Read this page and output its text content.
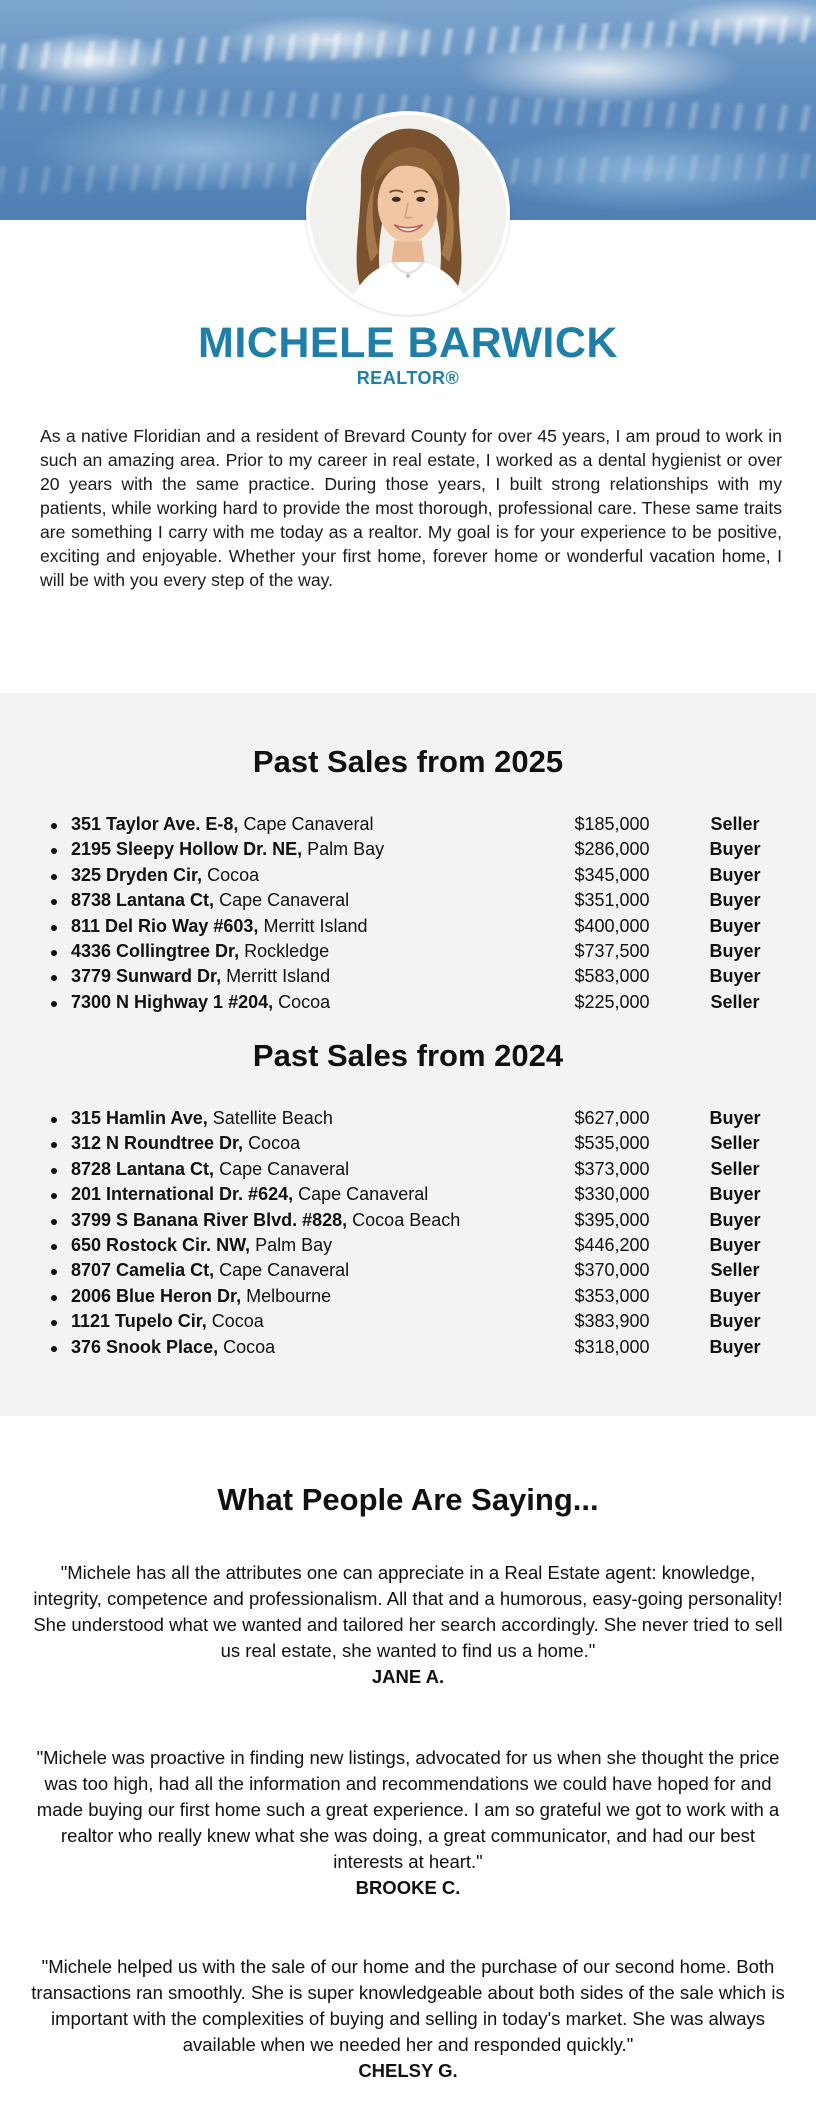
MICHELE BARWICK
REALTOR®

As a native Floridian and a resident of Brevard County for over 45 years, I am proud to work in such an amazing area. Prior to my career in real estate, I worked as a dental hygienist or over 20 years with the same practice. During those years, I built strong relationships with my patients, while working hard to provide the most thorough, professional care. These same traits are something I carry with me today as a realtor. My goal is for your experience to be positive, exciting and enjoyable. Whether your first home, forever home or wonderful vacation home, I will be with you every step of the way.

Past Sales from 2025
351 Taylor Ave. E-8, Cape Canaveral	$185,000	Seller
2195 Sleepy Hollow Dr. NE, Palm Bay	$286,000	Buyer
325 Dryden Cir, Cocoa	$345,000	Buyer
8738 Lantana Ct, Cape Canaveral	$351,000	Buyer
811 Del Rio Way #603, Merritt Island	$400,000	Buyer
4336 Collingtree Dr, Rockledge	$737,500	Buyer
3779 Sunward Dr, Merritt Island	$583,000	Buyer
7300 N Highway 1 #204, Cocoa	$225,000	Seller
Past Sales from 2024
315 Hamlin Ave, Satellite Beach	$627,000	Buyer
312 N Roundtree Dr, Cocoa	$535,000	Seller
8728 Lantana Ct, Cape Canaveral	$373,000	Seller
201 International Dr. #624, Cape Canaveral	$330,000	Buyer
3799 S Banana River Blvd. #828, Cocoa Beach	$395,000	Buyer
650 Rostock Cir. NW, Palm Bay	$446,200	Buyer
8707 Camelia Ct, Cape Canaveral	$370,000	Seller
2006 Blue Heron Dr, Melbourne	$353,000	Buyer
1121 Tupelo Cir, Cocoa	$383,900	Buyer
376 Snook Place, Cocoa	$318,000	Buyer
What People Are Saying...

"Michele has all the attributes one can appreciate in a Real Estate agent: knowledge, integrity, competence and professionalism. All that and a humorous, easy-going personality! She understood what we wanted and tailored her search accordingly. She never tried to sell us real estate, she wanted to find us a home."

JANE A.

"Michele was proactive in finding new listings, advocated for us when she thought the price was too high, had all the information and recommendations we could have hoped for and made buying our first home such a great experience. I am so grateful we got to work with a realtor who really knew what she was doing, a great communicator, and had our best interests at heart."

BROOKE C.

"Michele helped us with the sale of our home and the purchase of our second home. Both transactions ran smoothly. She is super knowledgeable about both sides of the sale which is important with the complexities of buying and selling in today's market. She was always available when we needed her and responded quickly."

CHELSY G.
